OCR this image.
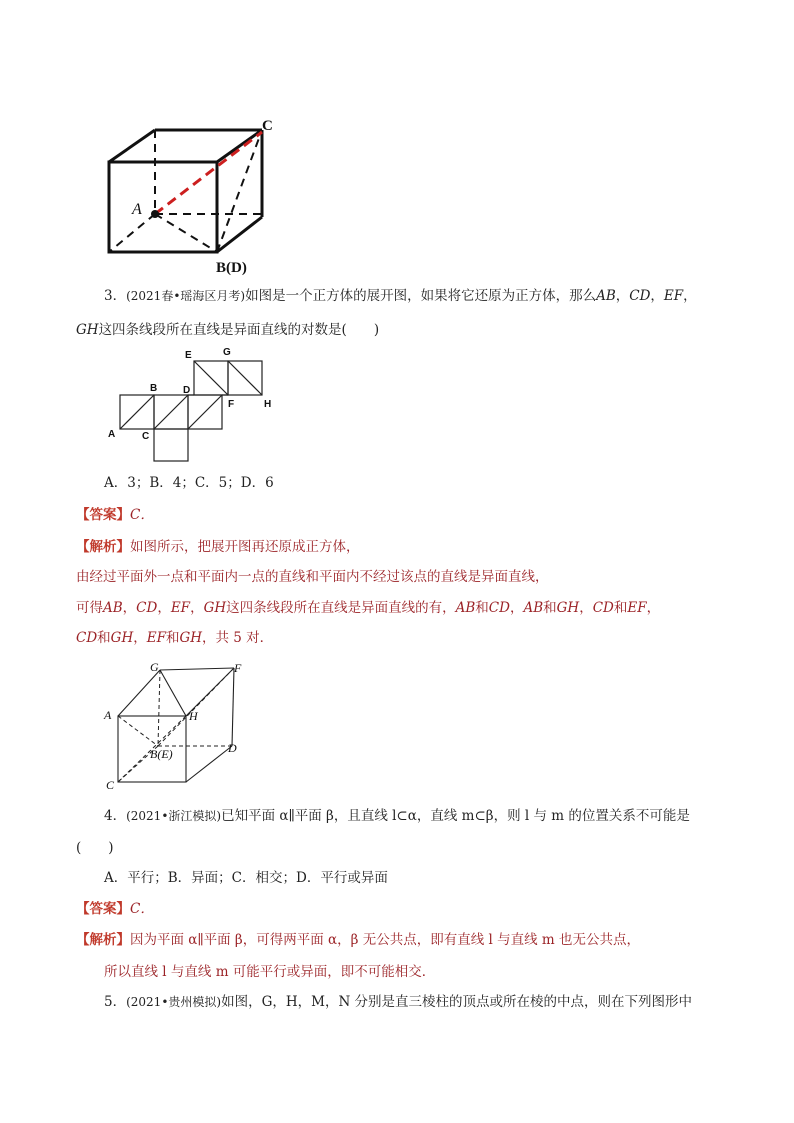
C
A
B(D)
3．(2021春•瑶海区月考)如图是一个正方体的展开图，如果将它还原为正方体，那么AB，CD，EF，
GH这四条线段所在直线是异面直线的对数是(　　)
A
B
C
D
E
F
G
H
A．3；B．4；C．5；D．6
【答案】C．
【解析】如图所示，把展开图再还原成正方体，
由经过平面外一点和平面内一点的直线和平面内不经过该点的直线是异面直线，
可得AB，CD，EF，GH这四条线段所在直线是异面直线的有，AB和CD，AB和GH，CD和EF，
CD和GH，EF和GH，共 5 对．
G	F
A	H
B(E)	D
C
4．(2021•浙江模拟)已知平面 α∥平面 β，且直线 l⊂α，直线 m⊂β，则 l 与 m 的位置关系不可能是
(　　)
A．平行；B．异面；C．相交；D．平行或异面
【答案】C．
【解析】因为平面 α∥平面 β，可得两平面 α，β 无公共点，即有直线 l 与直线 m 也无公共点，
所以直线 l 与直线 m 可能平行或异面，即不可能相交．
5．(2021•贵州模拟)如图，G，H，M，N 分别是直三棱柱的顶点或所在棱的中点，则在下列图形中
